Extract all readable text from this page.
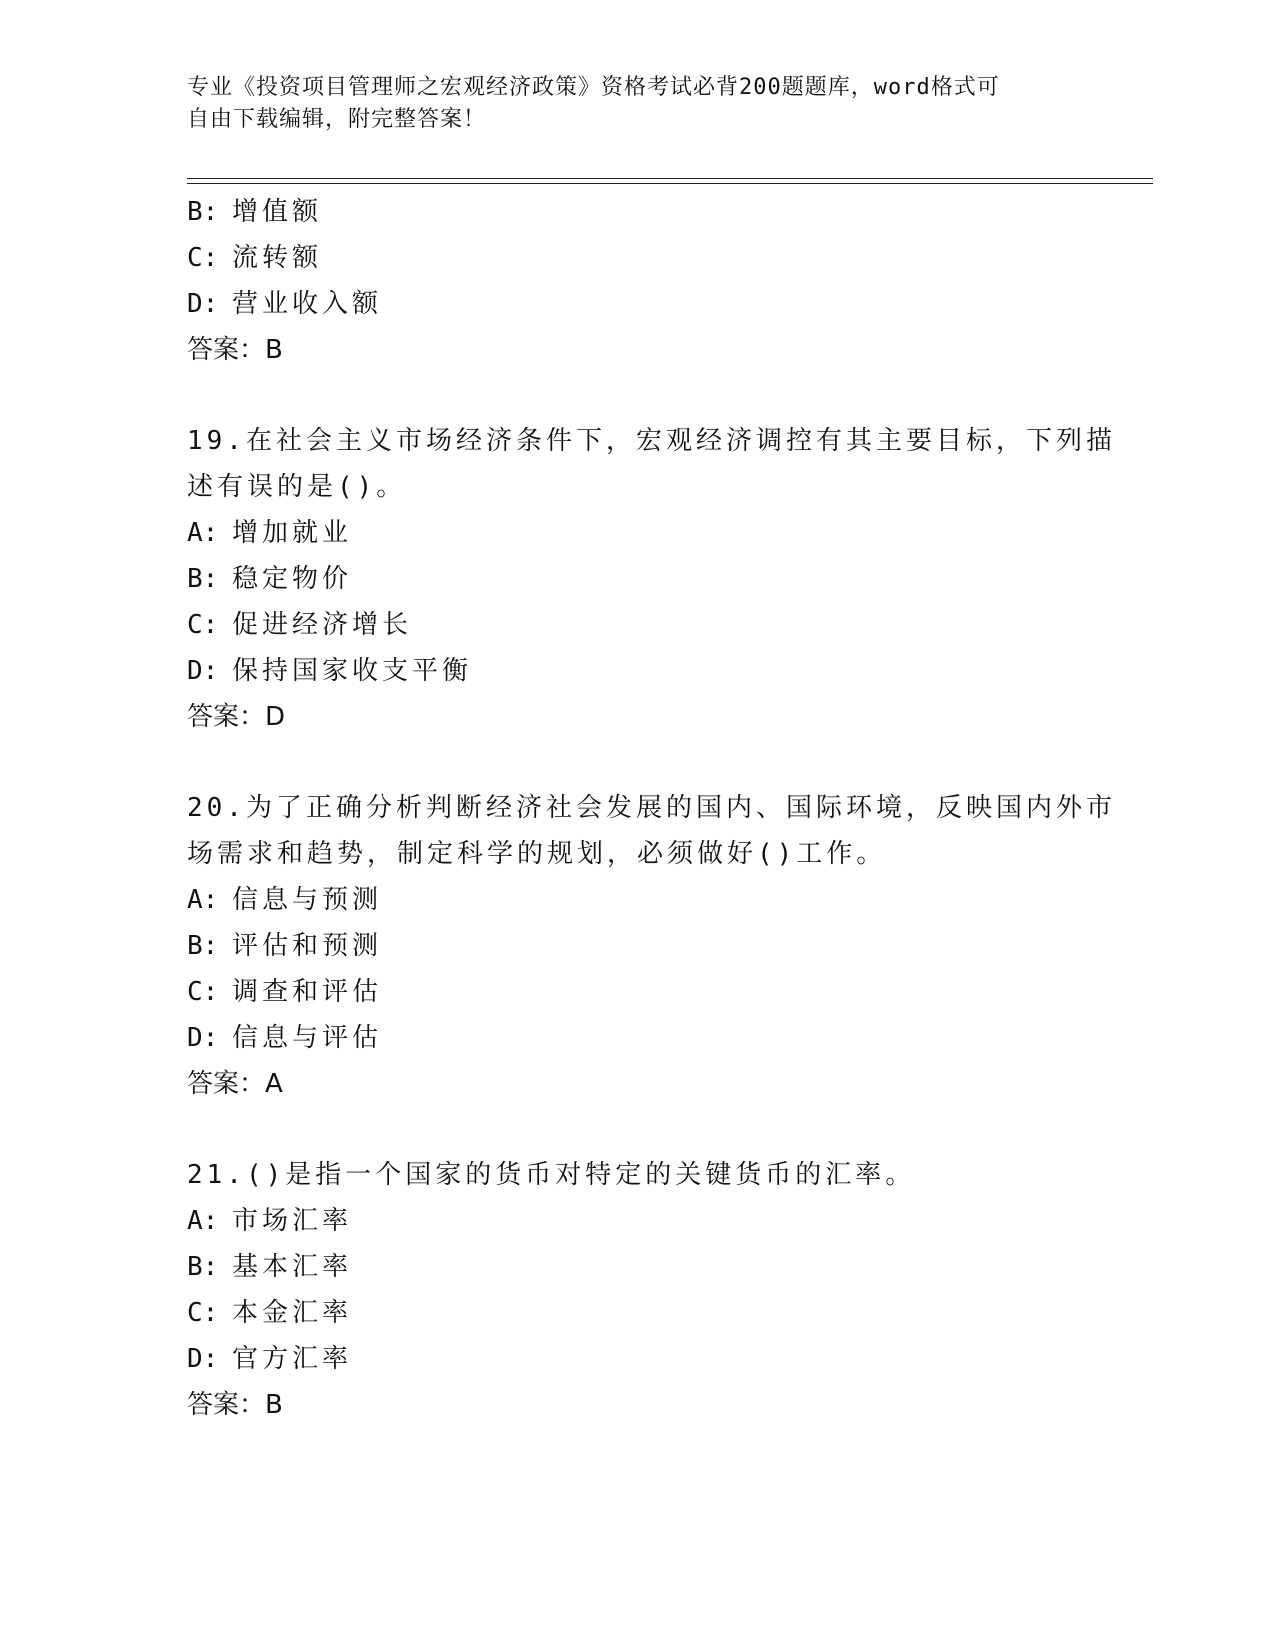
专业《投资项目管理师之宏观经济政策》资格考试必背200题题库，word格式可
自由下载编辑，附完整答案！
B: 增值额
C: 流转额
D: 营业收入额
答案：B
19.在社会主义市场经济条件下，宏观经济调控有其主要目标，下列描
述有误的是()。
A: 增加就业
B: 稳定物价
C: 促进经济增长
D: 保持国家收支平衡
答案：D
20.为了正确分析判断经济社会发展的国内、国际环境，反映国内外市
场需求和趋势，制定科学的规划，必须做好()工作。
A: 信息与预测
B: 评估和预测
C: 调查和评估
D: 信息与评估
答案：A
21.()是指一个国家的货币对特定的关键货币的汇率。
A: 市场汇率
B: 基本汇率
C: 本金汇率
D: 官方汇率
答案：B
